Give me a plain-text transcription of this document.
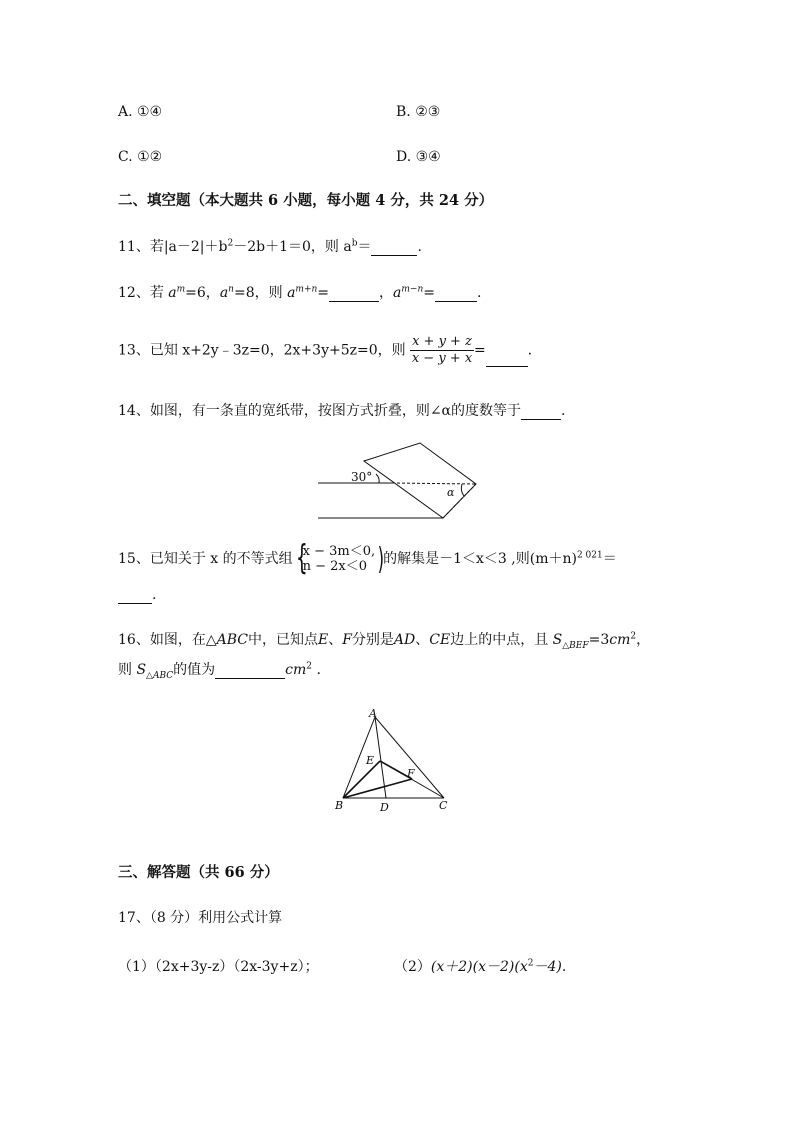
A. ①④	B. ②③
C. ①②	D. ③④
二、填空题（本大题共 6 小题，每小题 4 分，共 24 分）
11、若$|a-2|+b^2-2b+1=0$，则 $a^b=$	.
12、若 $a^m=6$，$a^n=8$，则 $a^{m+n}=$	，$a^{m-n}=$	.
13、已知 x+2y﹣3z=0，2x+3y+5z=0，则 $\frac{x + y + z}{x - y + x}$ =	.
14、如图，有一条直的宽纸带，按图方式折叠，则∠α的度数等于	.
30°
α
15、已知关于 x 的不等式组 {
x − 3m＜0,
n − 2x＜0 )
的解集是－1＜x＜3 ,则$(m+n)^{2 021}=$
.
16、如图，在△ABC中，已知点E、F分别是AD、CE边上的中点，且 $S_{\triangle BEF}=3cm^2$，
则 $S_{\triangle ABC}$的值为	$cm^2$ .
A
B	C
D
E
F
三、解答题（共 66 分）
17、（8 分）利用公式计算
（1）（2x+3y-z）（2x-3y+z）；	$(2)(x+2)(x-2)(x^2-4)$.
